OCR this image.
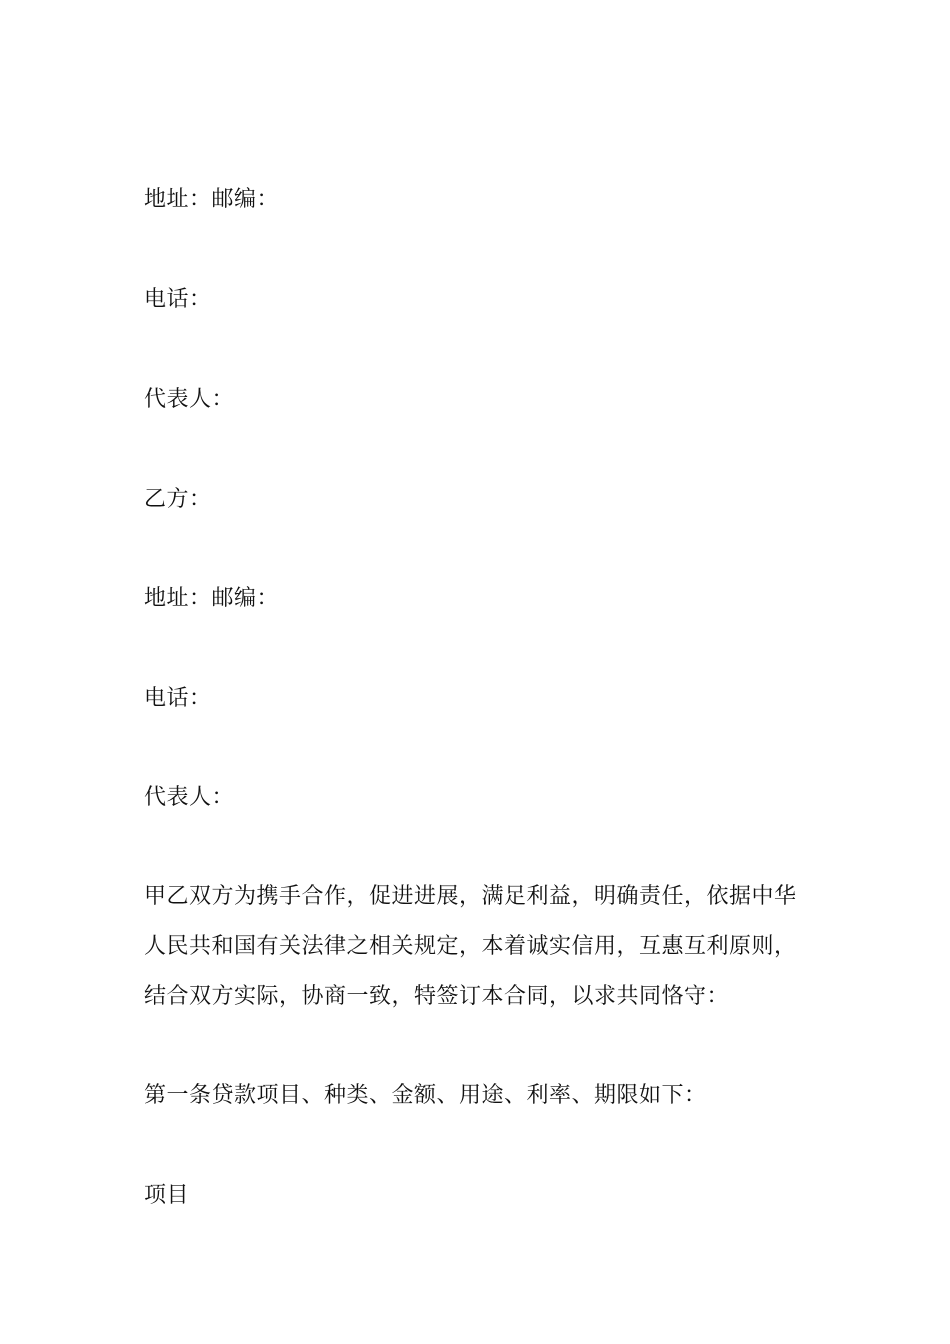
地址：邮编：
电话：
代表人：
乙方：
地址：邮编：
电话：
代表人：
甲乙双方为携手合作，促进进展，满足利益，明确责任，依据中华
人民共和国有关法律之相关规定，本着诚实信用，互惠互利原则，
结合双方实际，协商一致，特签订本合同，以求共同恪守：
第一条贷款项目、种类、金额、用途、利率、期限如下：
项目
